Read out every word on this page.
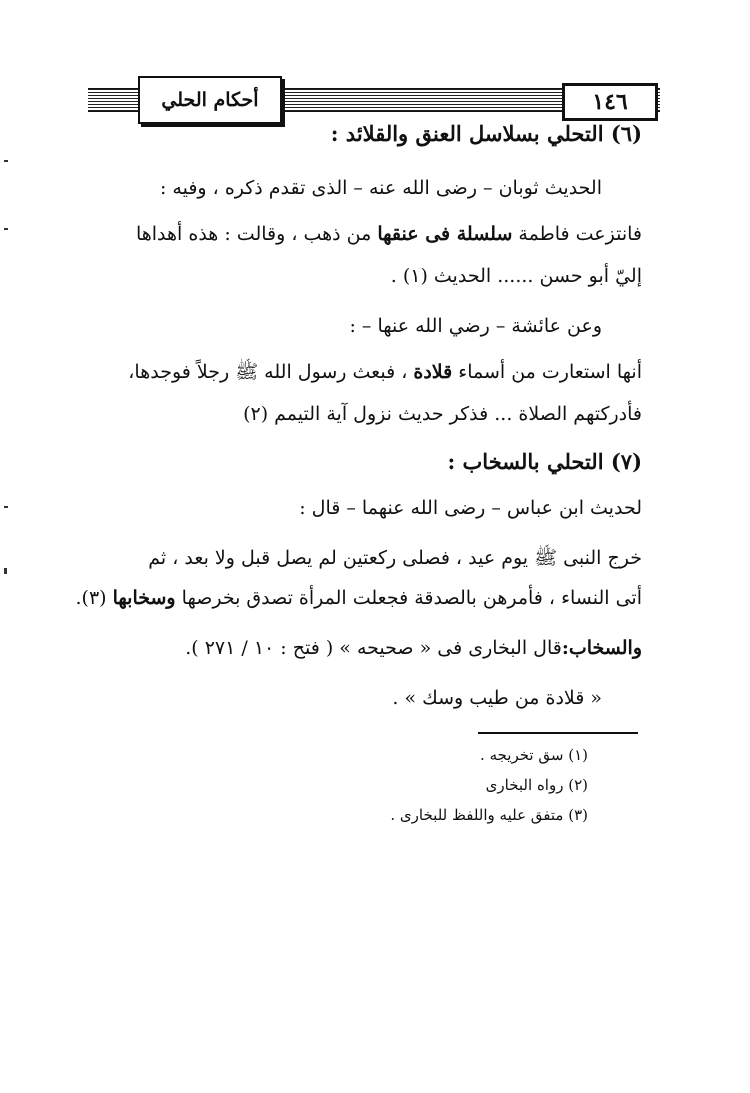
١٤٦
أحكام الحلي
(٦) التحلي بسلاسل العنق والقلائد :
الحديث ثوبان – رضى الله عنه – الذى تقدم ذكره ، وفيه :
فانتزعت فاطمة سلسلة فى عنقها من ذهب ، وقالت : هذه أهداها
إليّ أبو حسن ...... الحديث (١) .
وعن عائشة – رضي الله عنها – :
أنها استعارت من أسماء قلادة ، فبعث رسول الله ﷺ رجلاً فوجدها،
فأدركتهم الصلاة ... فذكر حديث نزول آية التيمم (٢)
(٧) التحلي بالسخاب :
لحديث ابن عباس – رضى الله عنهما – قال :
خرج النبى ﷺ يوم عيد ، فصلى ركعتين لم يصل قبل ولا بعد ، ثم
أتى النساء ، فأمرهن بالصدقة فجعلت المرأة تصدق بخرصها وسخابها (٣).
والسخاب:قال البخارى فى « صحيحه » ( فتح : ١٠ / ٢٧١ ).
« قلادة من طيب وسك » .
(١) سق تخريجه .
(٢) رواه البخارى
(٣) متفق عليه واللفظ للبخارى .
